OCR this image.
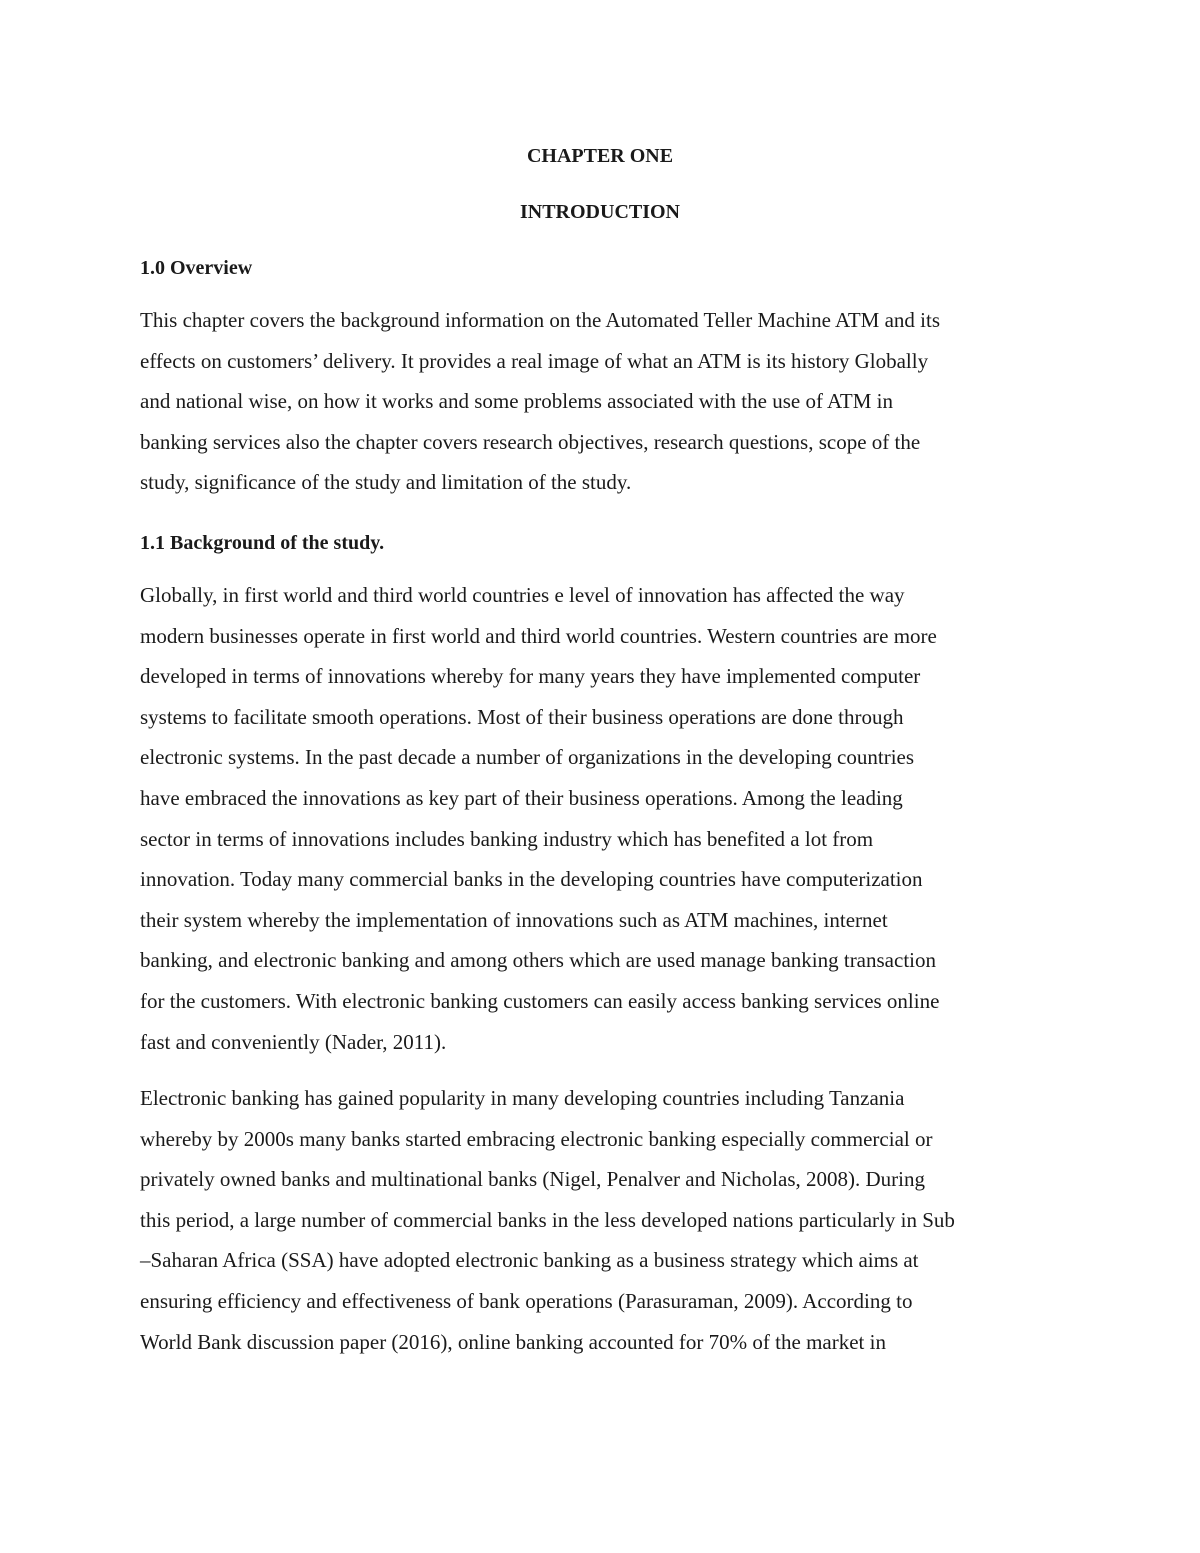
CHAPTER ONE

INTRODUCTION

1.0 Overview

This chapter covers the background information on the Automated Teller Machine ATM and its
effects on customers’ delivery. It provides a real image of what an ATM is its history Globally
and national wise, on how it works and some problems associated with the use of ATM in
banking services also the chapter covers research objectives, research questions, scope of the
study, significance of the study and limitation of the study.

1.1 Background of the study.

Globally, in first world and third world countries e level of innovation has affected the way
modern businesses operate in first world and third world countries. Western countries are more
developed in terms of innovations whereby for many years they have implemented computer
systems to facilitate smooth operations. Most of their business operations are done through
electronic systems. In the past decade a number of organizations in the developing countries
have embraced the innovations as key part of their business operations. Among the leading
sector in terms of innovations includes banking industry which has benefited a lot from
innovation. Today many commercial banks in the developing countries have computerization
their system whereby the implementation of innovations such as ATM machines, internet
banking, and electronic banking and among others which are used manage banking transaction
for the customers. With electronic banking customers can easily access banking services online
fast and conveniently (Nader, 2011).

Electronic banking has gained popularity in many developing countries including Tanzania
whereby by 2000s many banks started embracing electronic banking especially commercial or
privately owned banks and multinational banks (Nigel, Penalver and Nicholas, 2008). During
this period, a large number of commercial banks in the less developed nations particularly in Sub
–Saharan Africa (SSA) have adopted electronic banking as a business strategy which aims at
ensuring efficiency and effectiveness of bank operations (Parasuraman, 2009). According to
World Bank discussion paper (2016), online banking accounted for 70% of the market in
